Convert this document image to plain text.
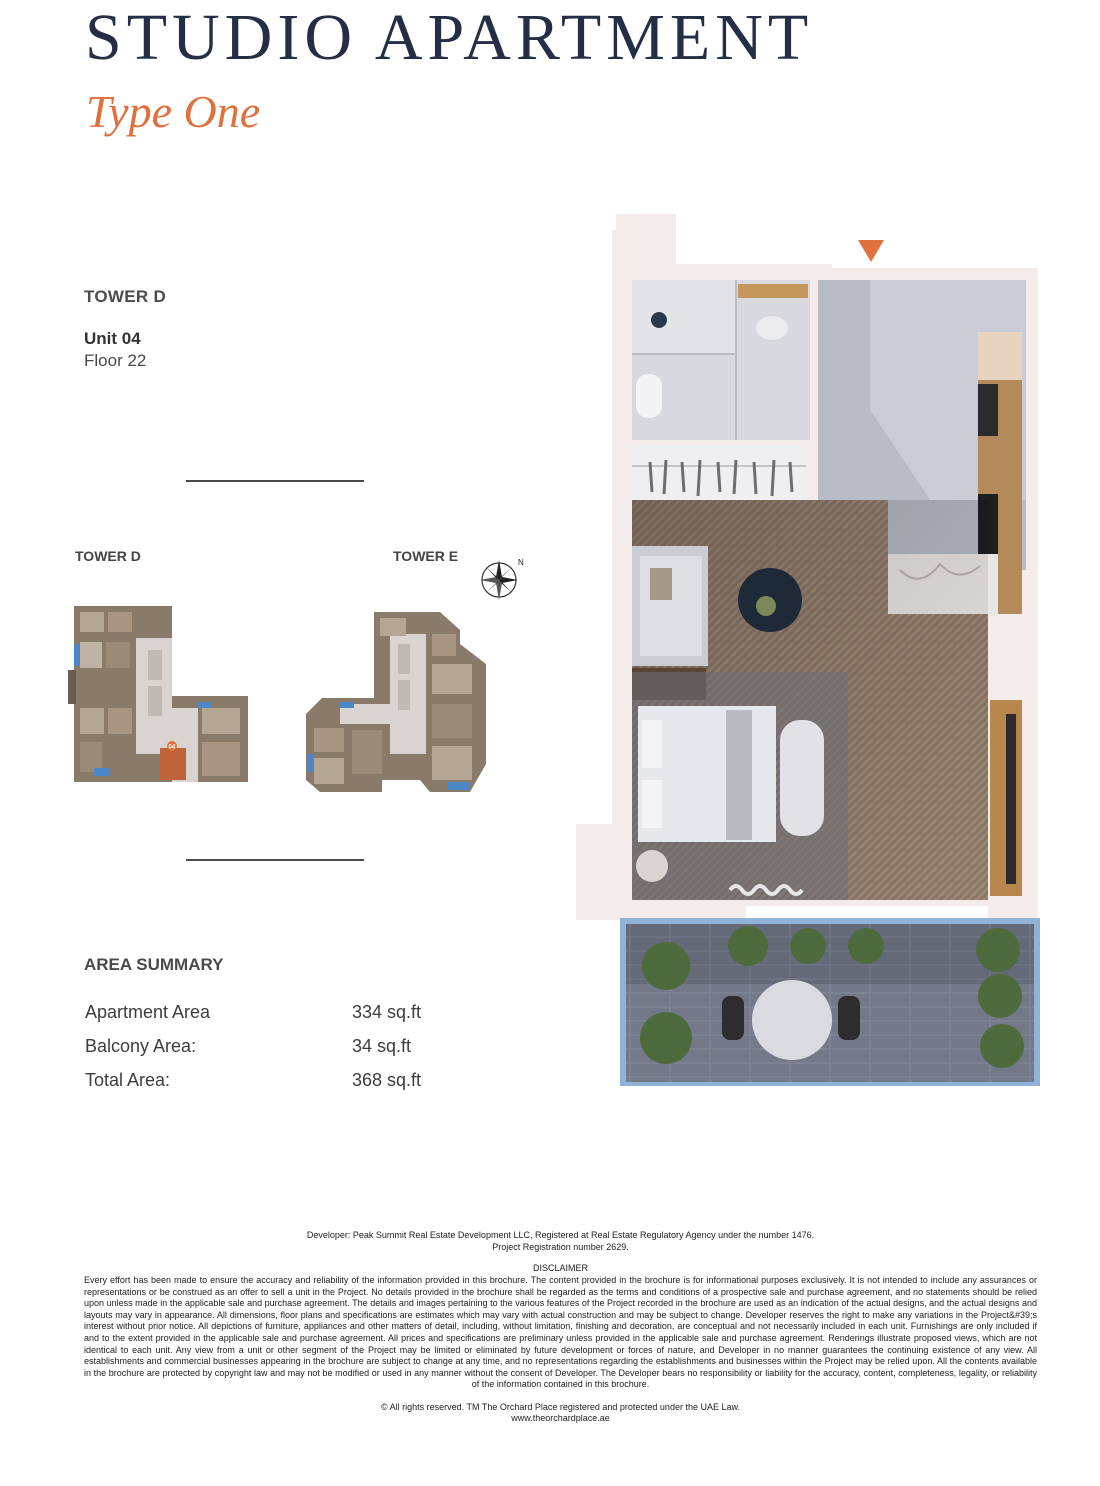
STUDIO APARTMENT
Type One
TOWER D
Unit 04
Floor 22
TOWER D	TOWER E	N
04
AREA SUMMARY
Apartment Area	334 sq.ft
Balcony Area:	34 sq.ft
Total Area:	368 sq.ft
Developer: Peak Summit Real Estate Development LLC, Registered at Real Estate Regulatory Agency under the number 1476.
Project Registration number 2629.
DISCLAIMER
Every effort has been made to ensure the accuracy and reliability of the information provided in this brochure. The content provided in the brochure is for informational purposes exclusively. It is not intended to include any assurances or representations or be construed as an offer to sell a unit in the Project. No details provided in the brochure shall be regarded as the terms and conditions of a prospective sale and purchase agreement, and no statements should be relied upon unless made in the applicable sale and purchase agreement. The details and images pertaining to the various features of the Project recorded in the brochure are used as an indication of the actual designs, and the actual designs and layouts may vary in appearance. All dimensions, floor plans and specifications are estimates which may vary with actual construction and may be subject to change. Developer reserves the right to make any variations in the Project&#39;s interest without prior notice. All depictions of furniture, appliances and other matters of detail, including, without limitation, finishing and decoration, are conceptual and not necessarily included in each unit. Furnishings are only included if and to the extent provided in the applicable sale and purchase agreement. All prices and specifications are preliminary unless provided in the applicable sale and purchase agreement. Renderings illustrate proposed views, which are not identical to each unit. Any view from a unit or other segment of the Project may be limited or eliminated by future development or forces of nature, and Developer in no manner guarantees the continuing existence of any view. All establishments and commercial businesses appearing in the brochure are subject to change at any time, and no representations regarding the establishments and businesses within the Project may be relied upon. All the contents available in the brochure are protected by copyright law and may not be modified or used in any manner without the consent of Developer. The Developer bears no responsibility or liability for the accuracy, content, completeness, legality, or reliability of the information contained in this brochure.
© All rights reserved. TM The Orchard Place registered and protected under the UAE Law.
www.theorchardplace.ae
